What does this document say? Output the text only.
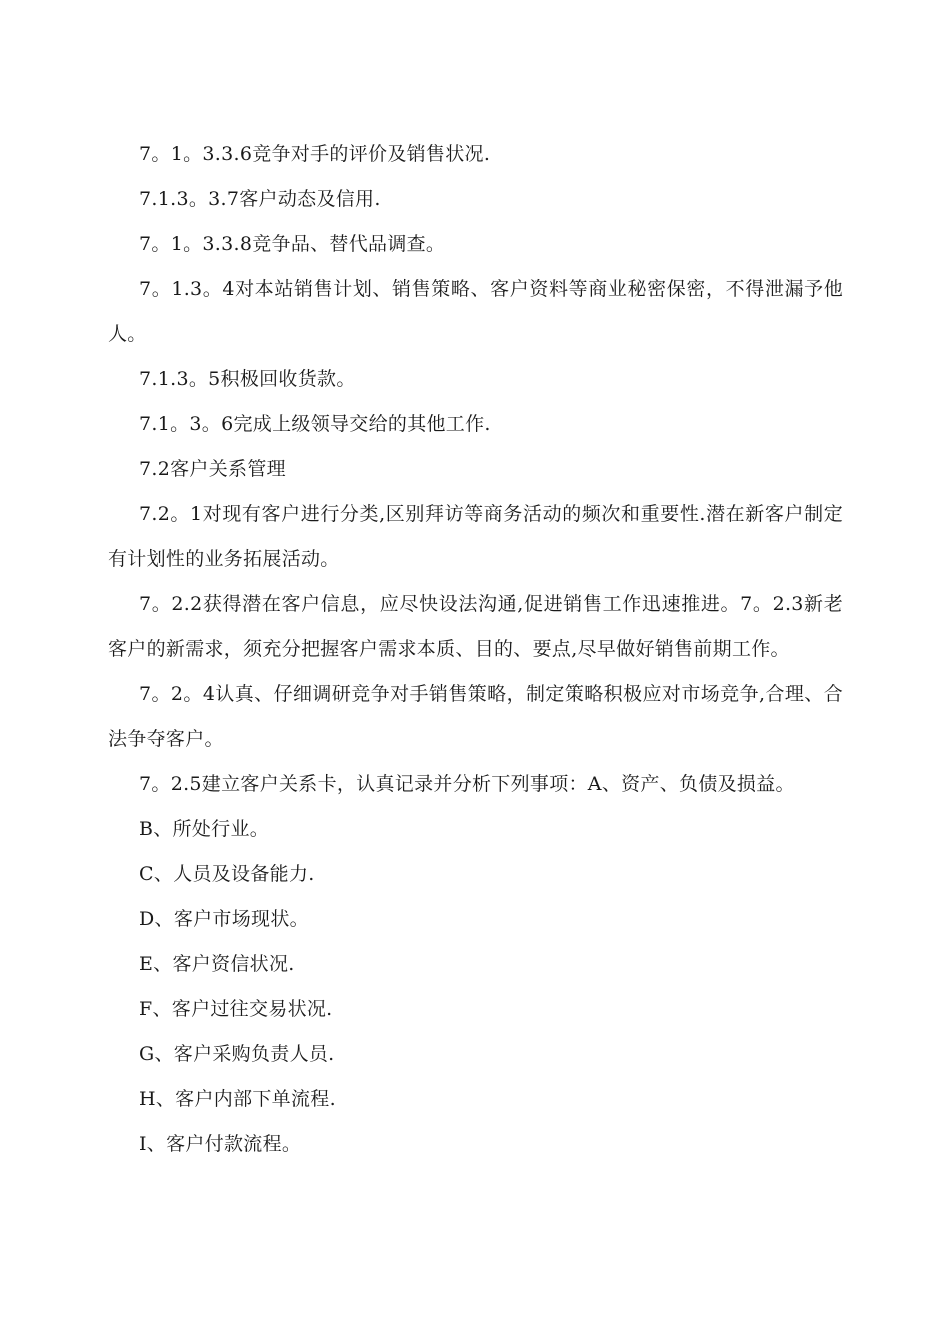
7。1。3.3.6竞争对手的评价及销售状况.

7.1.3。3.7客户动态及信用.

7。1。3.3.8竞争品、替代品调查。

7。1.3。4对本站销售计划、销售策略、客户资料等商业秘密保密，不得泄漏予他人。

7.1.3。5积极回收货款。

7.1。3。6完成上级领导交给的其他工作.

7.2客户关系管理

7.2。1对现有客户进行分类,区别拜访等商务活动的频次和重要性.潜在新客户制定有计划性的业务拓展活动。

7。2.2获得潜在客户信息，应尽快设法沟通,促进销售工作迅速推进。7。2.3新老客户的新需求，须充分把握客户需求本质、目的、要点,尽早做好销售前期工作。

7。2。4认真、仔细调研竞争对手销售策略，制定策略积极应对市场竞争,合理、合法争夺客户。

7。2.5建立客户关系卡，认真记录并分析下列事项：A、资产、负债及损益。

B、所处行业。

C、人员及设备能力.

D、客户市场现状。

E、客户资信状况.

F、客户过往交易状况.

G、客户采购负责人员.

H、客户内部下单流程.

I、客户付款流程。
